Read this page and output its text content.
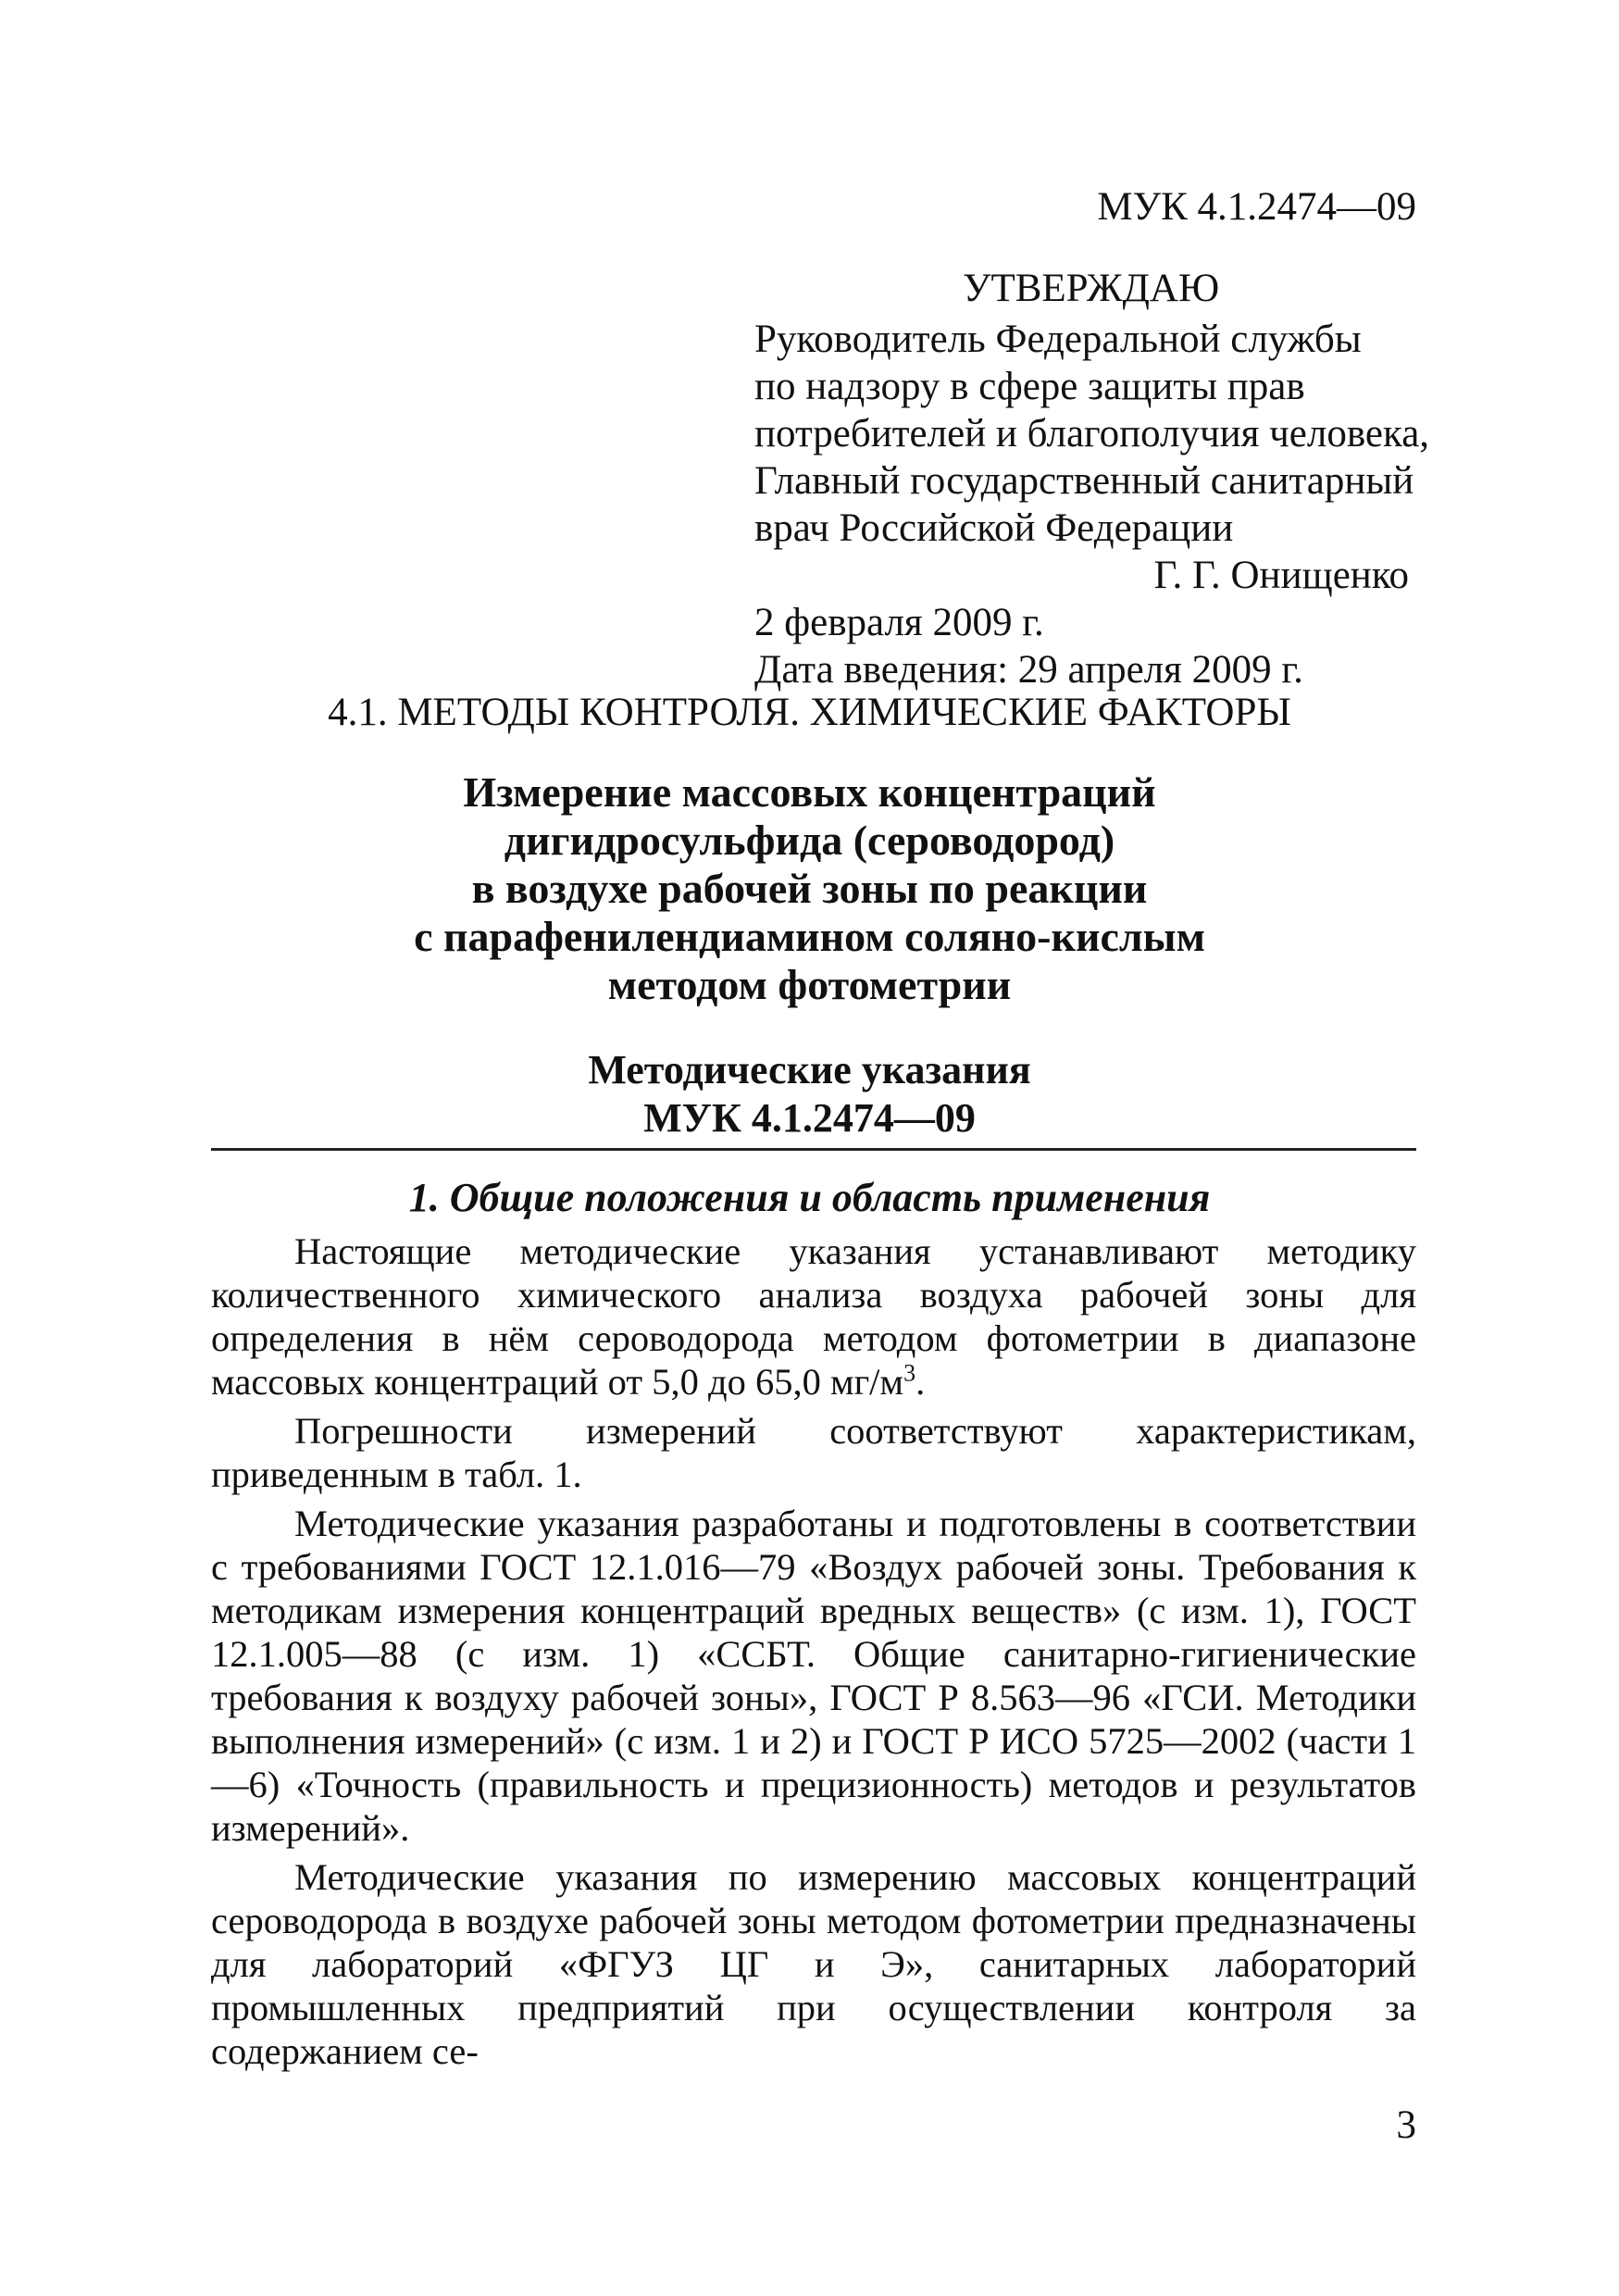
МУК 4.1.2474—09
УТВЕРЖДАЮ
Руководитель Федеральной службы
по надзору в сфере защиты прав
потребителей и благополучия человека,
Главный государственный санитарный
врач Российской Федерации
Г. Г. Онищенко
2 февраля 2009 г.
Дата введения: 29 апреля 2009 г.
4.1. МЕТОДЫ КОНТРОЛЯ. ХИМИЧЕСКИЕ ФАКТОРЫ
Измерение массовых концентраций
дигидросульфида (сероводород)
в воздухе рабочей зоны по реакции
с парафенилендиамином соляно-кислым
методом фотометрии
Методические указания
МУК 4.1.2474—09
1. Общие положения и область применения

Настоящие методические указания устанавливают методику количественного химического анализа воздуха рабочей зоны для определения в нём сероводорода методом фотометрии в диапазоне массовых концентраций от 5,0 до 65,0 $мг/м^3$.

Погрешности измерений соответствуют характеристикам, приведенным в табл. 1.

Методические указания разработаны и подготовлены в соответствии с требованиями ГОСТ 12.1.016—79 «Воздух рабочей зоны. Требования к методикам измерения концентраций вредных веществ» (с изм. 1), ГОСТ 12.1.005—88 (с изм. 1) «ССБТ. Общие санитарно-гигиенические требования к воздуху рабочей зоны», ГОСТ Р 8.563—96 «ГСИ. Методики выполнения измерений» (с изм. 1 и 2) и ГОСТ Р ИСО 5725—2002 (части 1—6) «Точность (правильность и прецизионность) методов и результатов измерений».

Методические указания по измерению массовых концентраций сероводорода в воздухе рабочей зоны методом фотометрии предназначены для лабораторий «ФГУЗ ЦГ и Э», санитарных лабораторий промышленных предприятий при осуществлении контроля за содержанием се-

3
